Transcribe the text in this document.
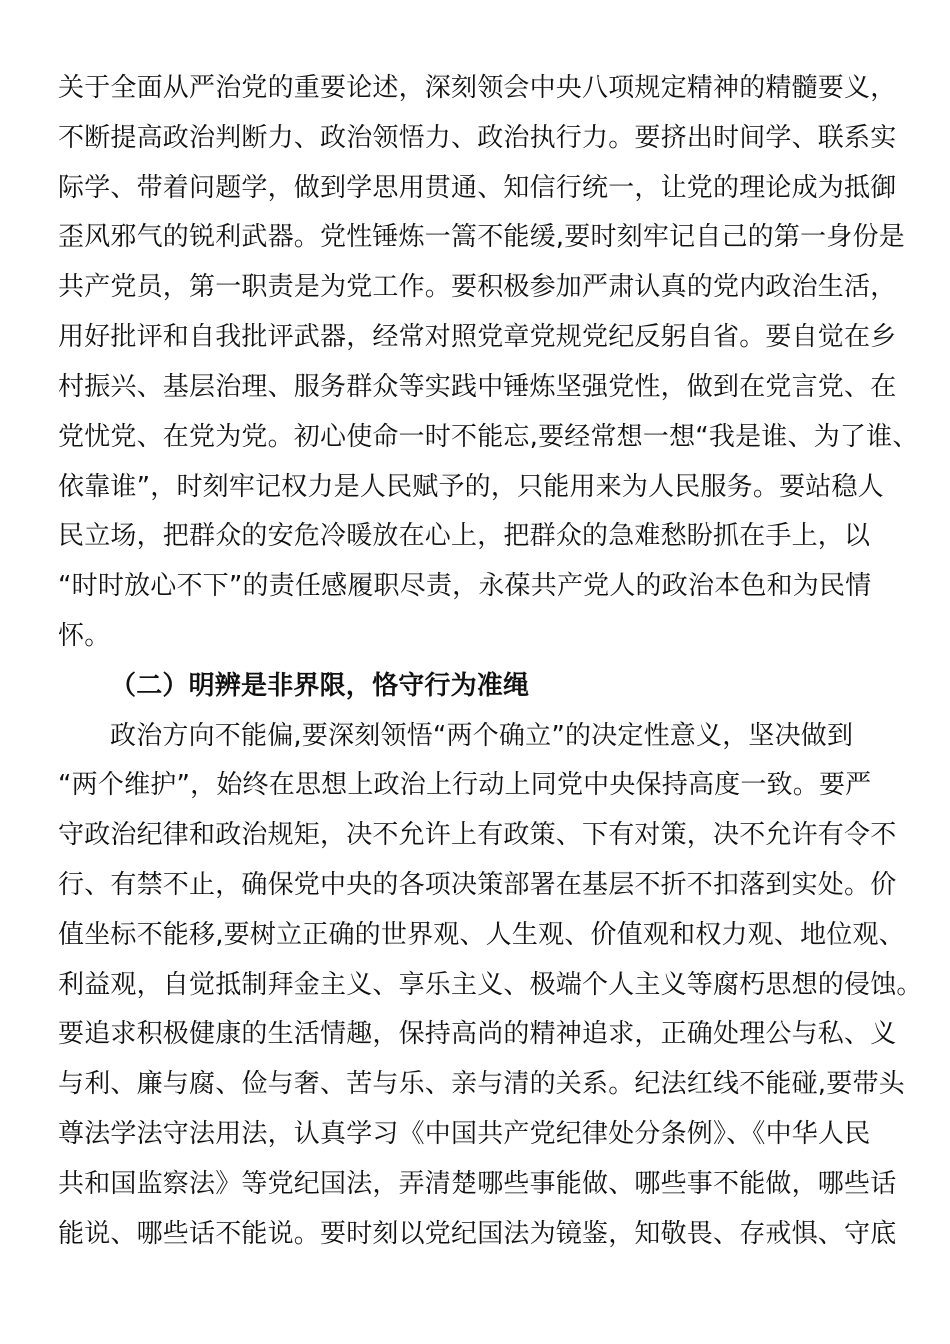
关于全面从严治党的重要论述，深刻领会中央八项规定精神的精髓要义，
不断提高政治判断力、政治领悟力、政治执行力。要挤出时间学、联系实
际学、带着问题学，做到学思用贯通、知信行统一，让党的理论成为抵御
歪风邪气的锐利武器。党性锤炼一篙不能缓,要时刻牢记自己的第一身份是
共产党员，第一职责是为党工作。要积极参加严肃认真的党内政治生活，
用好批评和自我批评武器，经常对照党章党规党纪反躬自省。要自觉在乡
村振兴、基层治理、服务群众等实践中锤炼坚强党性，做到在党言党、在
党忧党、在党为党。初心使命一时不能忘,要经常想一想“我是谁、为了谁、
依靠谁”，时刻牢记权力是人民赋予的，只能用来为人民服务。要站稳人
民立场，把群众的安危冷暖放在心上，把群众的急难愁盼抓在手上，以
“时时放心不下”的责任感履职尽责，永葆共产党人的政治本色和为民情
怀。
（二）明辨是非界限，恪守行为准绳
政治方向不能偏,要深刻领悟“两个确立”的决定性意义，坚决做到
“两个维护”，始终在思想上政治上行动上同党中央保持高度一致。要严
守政治纪律和政治规矩，决不允许上有政策、下有对策，决不允许有令不
行、有禁不止，确保党中央的各项决策部署在基层不折不扣落到实处。价
值坐标不能移,要树立正确的世界观、人生观、价值观和权力观、地位观、
利益观，自觉抵制拜金主义、享乐主义、极端个人主义等腐朽思想的侵蚀。
要追求积极健康的生活情趣，保持高尚的精神追求，正确处理公与私、义
与利、廉与腐、俭与奢、苦与乐、亲与清的关系。纪法红线不能碰,要带头
尊法学法守法用法，认真学习《中国共产党纪律处分条例》、《中华人民
共和国监察法》等党纪国法，弄清楚哪些事能做、哪些事不能做，哪些话
能说、哪些话不能说。要时刻以党纪国法为镜鉴，知敬畏、存戒惧、守底
